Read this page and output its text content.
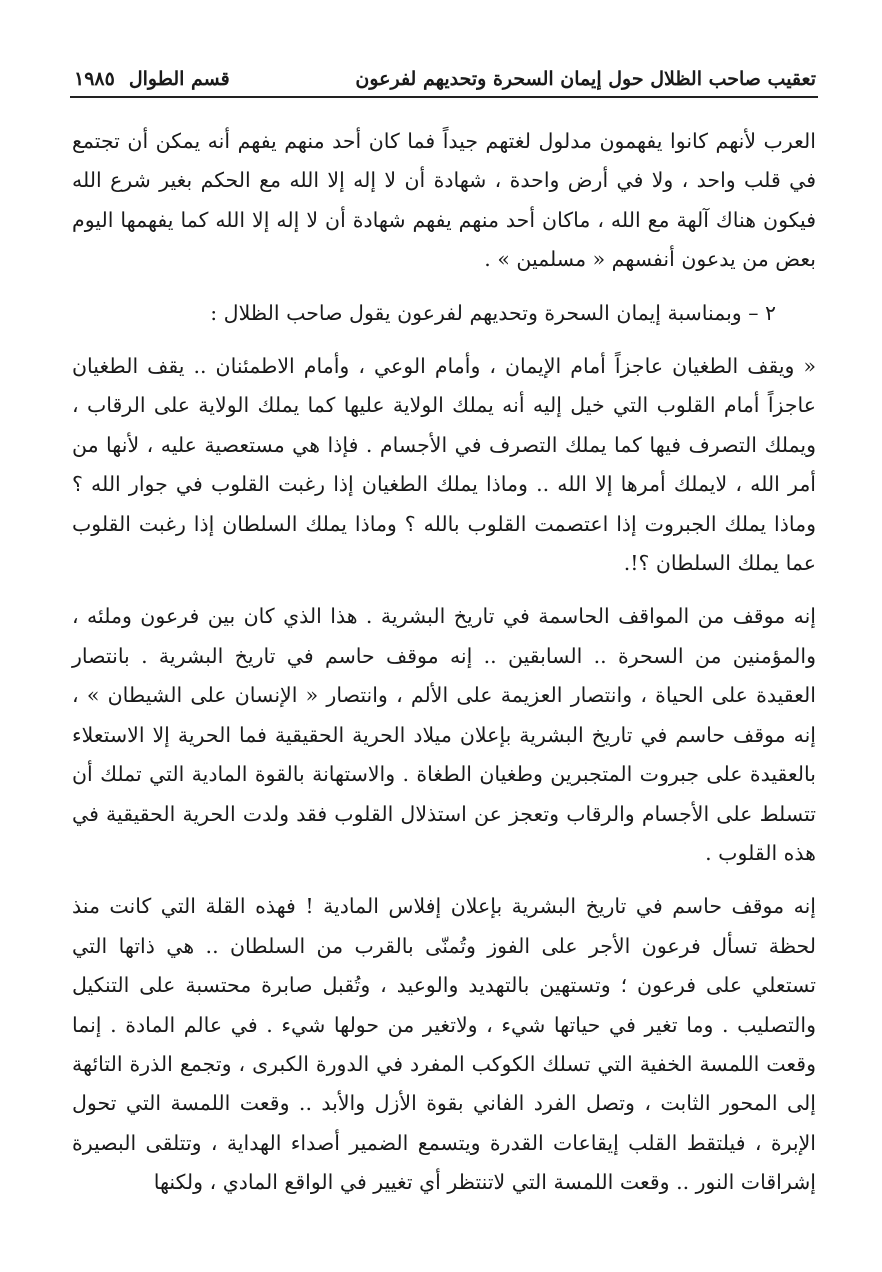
تعقيب صاحب الظلال حول إيمان السحرة وتحديهم لفرعون
قسم الطوال
١٩٨٥

العرب لأنهم كانوا يفهمون مدلول لغتهم جيداً فما كان أحد منهم يفهم أنه يمكن أن تجتمع في قلب واحد ، ولا في أرض واحدة ، شهادة أن لا إله إلا الله مع الحكم بغير شرع الله فيكون هناك آلهة مع الله ، ماكان أحد منهم يفهم شهادة أن لا إله إلا الله كما يفهمها اليوم بعض من يدعون أنفسهم « مسلمين » .

٢ – وبمناسبة إيمان السحرة وتحديهم لفرعون يقول صاحب الظلال :

« ويقف الطغيان عاجزاً أمام الإيمان ، وأمام الوعي ، وأمام الاطمئنان .. يقف الطغيان عاجزاً أمام القلوب التي خيل إليه أنه يملك الولاية عليها كما يملك الولاية على الرقاب ، ويملك التصرف فيها كما يملك التصرف في الأجسام . فإذا هي مستعصية عليه ، لأنها من أمر الله ، لايملك أمرها إلا الله .. وماذا يملك الطغيان إذا رغبت القلوب في جوار الله ؟ وماذا يملك الجبروت إذا اعتصمت القلوب بالله ؟ وماذا يملك السلطان إذا رغبت القلوب عما يملك السلطان ؟!.

إنه موقف من المواقف الحاسمة في تاريخ البشرية . هذا الذي كان بين فرعون وملئه ، والمؤمنين من السحرة .. السابقين .. إنه موقف حاسم في تاريخ البشرية . بانتصار العقيدة على الحياة ، وانتصار العزيمة على الألم ، وانتصار « الإنسان على الشيطان » ، إنه موقف حاسم في تاريخ البشرية بإعلان ميلاد الحرية الحقيقية فما الحرية إلا الاستعلاء بالعقيدة على جبروت المتجبرين وطغيان الطغاة . والاستهانة بالقوة المادية التي تملك أن تتسلط على الأجسام والرقاب وتعجز عن استذلال القلوب فقد ولدت الحرية الحقيقية في هذه القلوب .

إنه موقف حاسم في تاريخ البشرية بإعلان إفلاس المادية ! فهذه القلة التي كانت منذ لحظة تسأل فرعون الأجر على الفوز وتُمنّى بالقرب من السلطان .. هي ذاتها التي تستعلي على فرعون ؛ وتستهين بالتهديد والوعيد ، وتُقبل صابرة محتسبة على التنكيل والتصليب . وما تغير في حياتها شيء ، ولاتغير من حولها شيء . في عالم المادة . إنما وقعت اللمسة الخفية التي تسلك الكوكب المفرد في الدورة الكبرى ، وتجمع الذرة التائهة إلى المحور الثابت ، وتصل الفرد الفاني بقوة الأزل والأبد .. وقعت اللمسة التي تحول الإبرة ، فيلتقط القلب إيقاعات القدرة ويتسمع الضمير أصداء الهداية ، وتتلقى البصيرة إشراقات النور .. وقعت اللمسة التي لاتنتظر أي تغيير في الواقع المادي ، ولكنها
